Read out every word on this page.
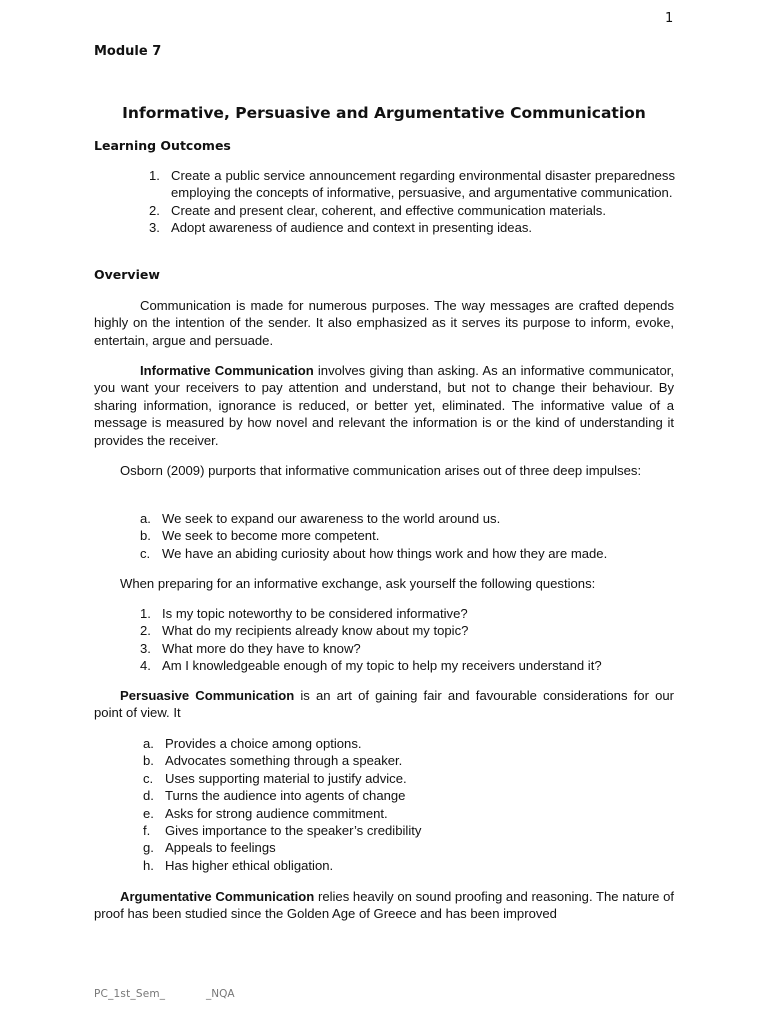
1
Module 7
Informative, Persuasive and Argumentative Communication
Learning Outcomes
1. Create a public service announcement regarding environmental disaster preparedness employing the concepts of informative, persuasive, and argumentative communication.
2. Create and present clear, coherent, and effective communication materials.
3. Adopt awareness of audience and context in presenting ideas.
Overview

Communication is made for numerous purposes. The way messages are crafted depends highly on the intention of the sender. It also emphasized as it serves its purpose to inform, evoke, entertain, argue and persuade.

Informative Communication involves giving than asking. As an informative communicator, you want your receivers to pay attention and understand, but not to change their behaviour. By sharing information, ignorance is reduced, or better yet, eliminated. The informative value of a message is measured by how novel and relevant the information is or the kind of understanding it provides the receiver.

Osborn (2009) purports that informative communication arises out of three deep impulses:

a. We seek to expand our awareness to the world around us.
b. We seek to become more competent.
c. We have an abiding curiosity about how things work and how they are made.

When preparing for an informative exchange, ask yourself the following questions:

1. Is my topic noteworthy to be considered informative?
2. What do my recipients already know about my topic?
3. What more do they have to know?
4. Am I knowledgeable enough of my topic to help my receivers understand it?

Persuasive Communication is an art of gaining fair and favourable considerations for our point of view. It

a. Provides a choice among options.
b. Advocates something through a speaker.
c. Uses supporting material to justify advice.
d. Turns the audience into agents of change
e. Asks for strong audience commitment.
f. Gives importance to the speaker’s credibility
g. Appeals to feelings
h. Has higher ethical obligation.

Argumentative Communication relies heavily on sound proofing and reasoning. The nature of proof has been studied since the Golden Age of Greece and has been improved

PC_1st_Sem_	_NQA
